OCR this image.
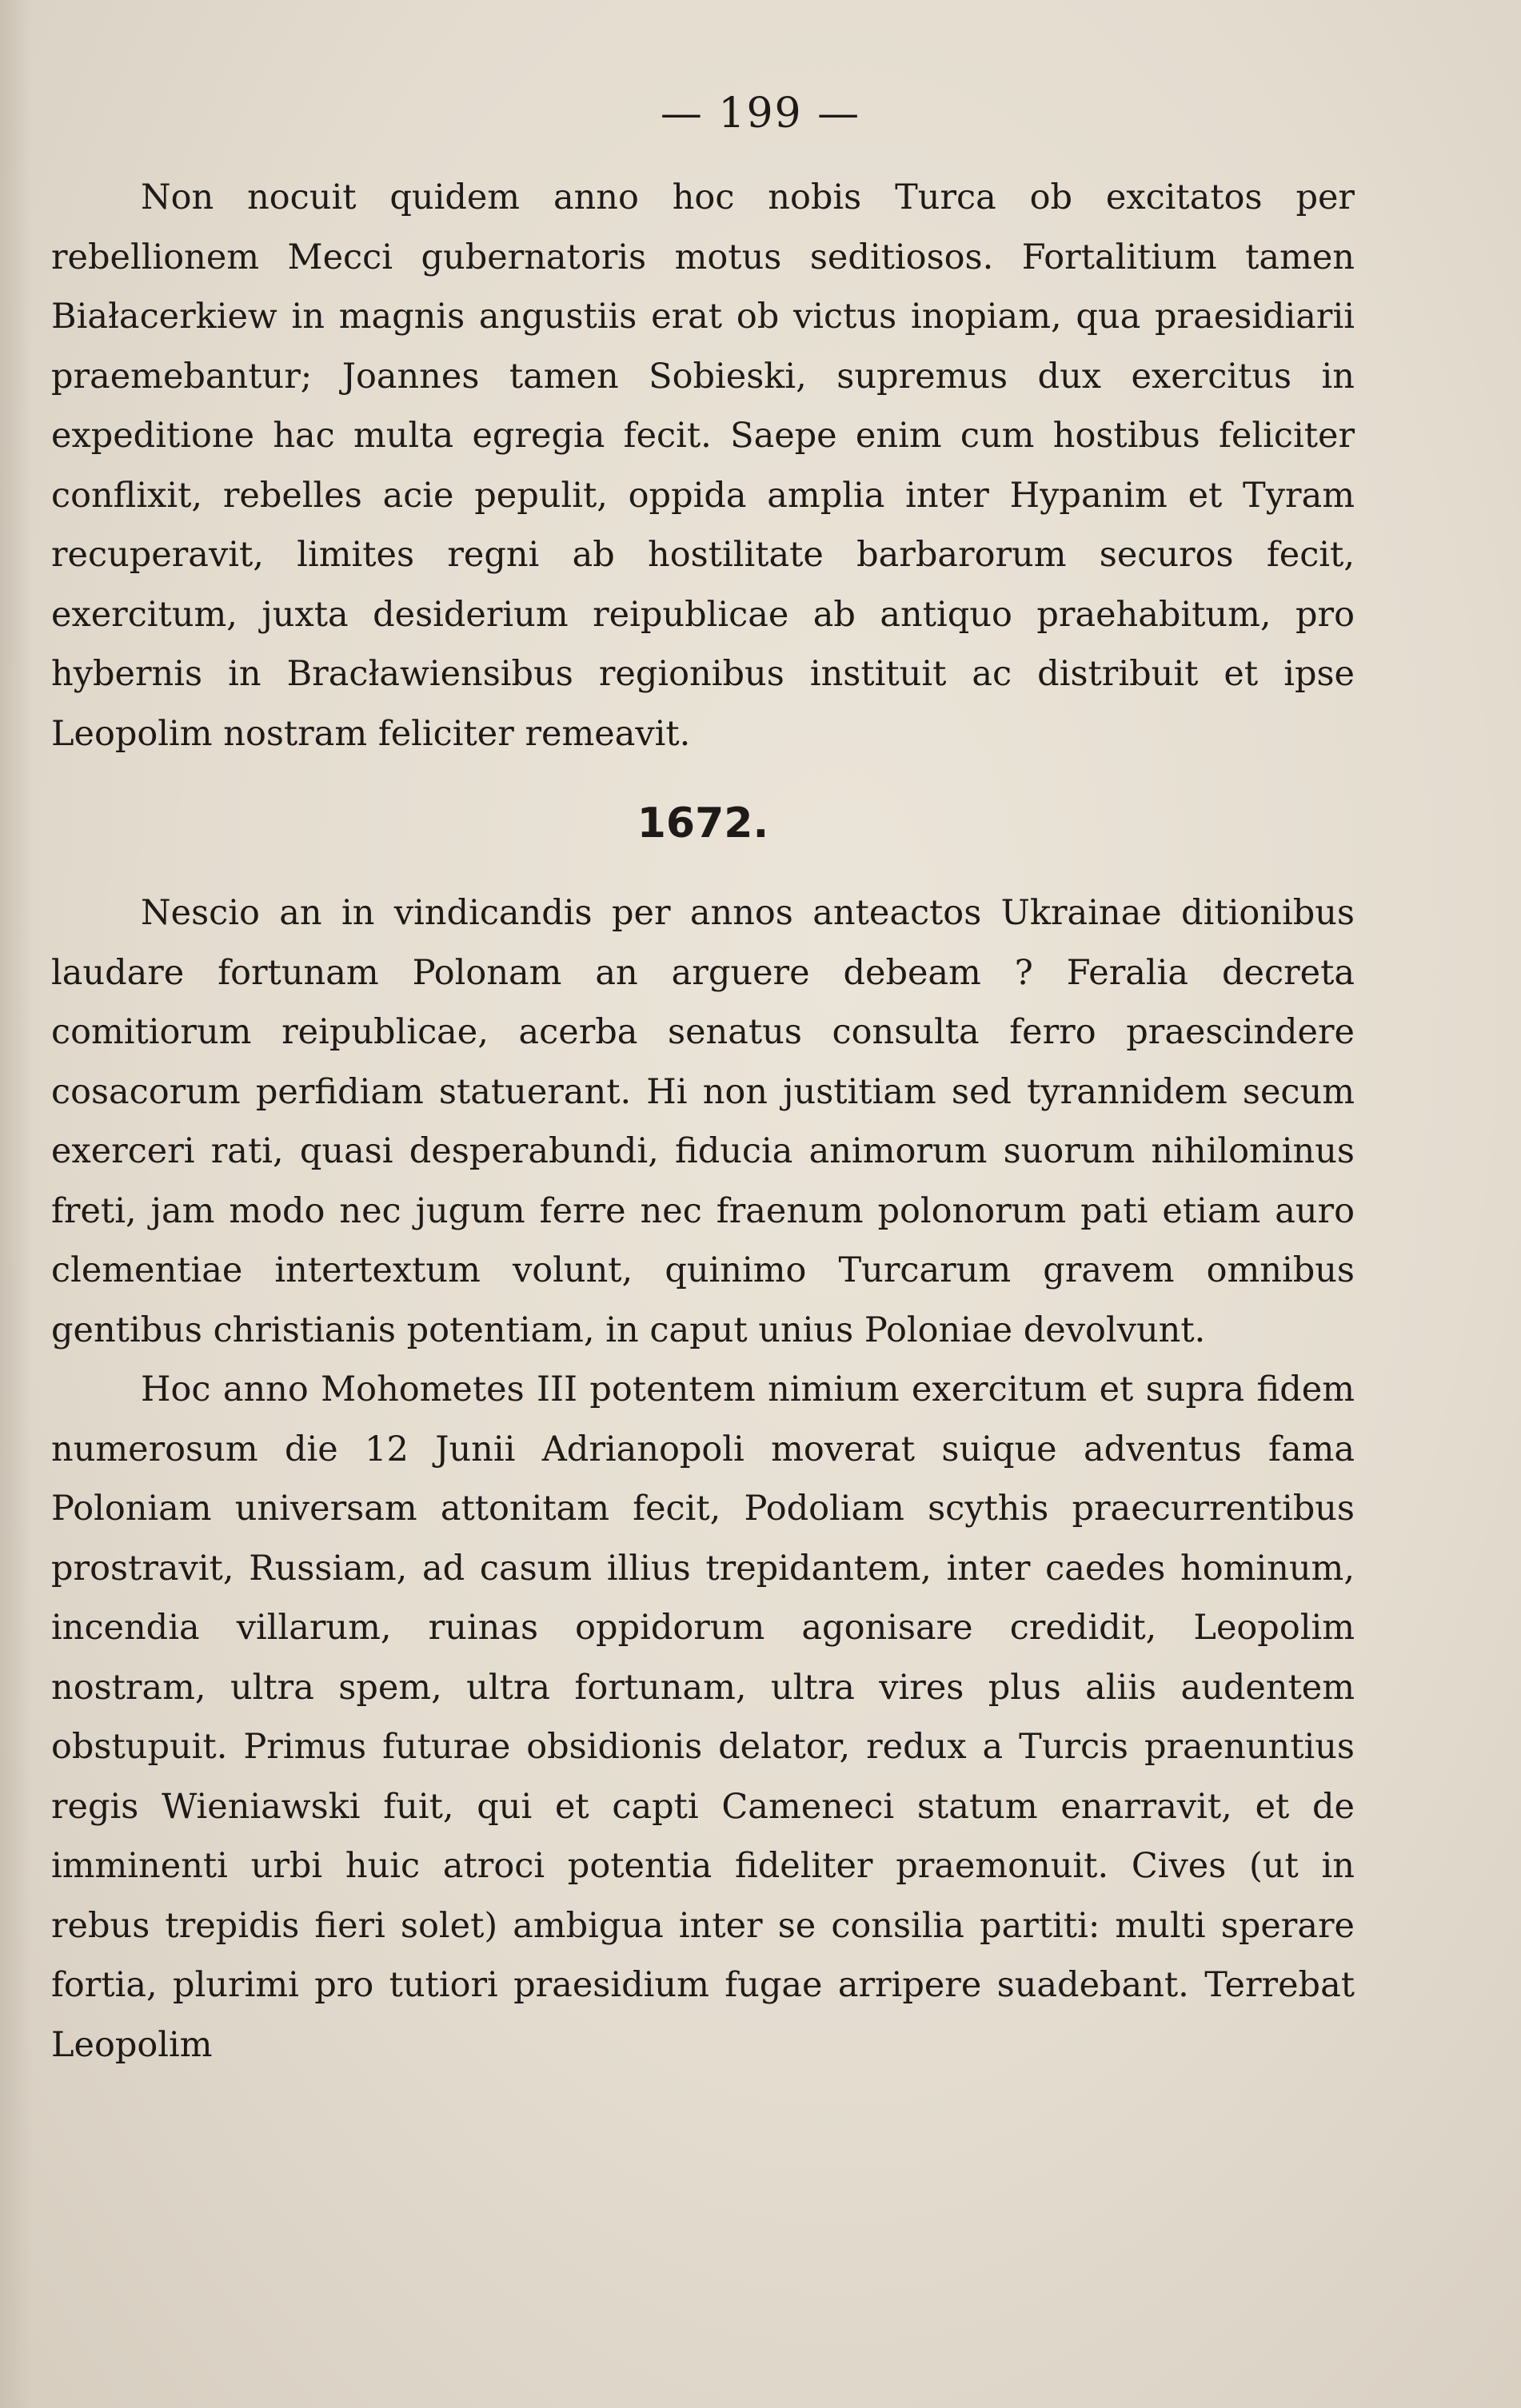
— 199 —

Non nocuit quidem anno hoc nobis Turca ob excitatos per rebellionem Mecci gubernatoris motus seditiosos. Fortalitium tamen Białacerkiew in magnis angustiis erat ob victus inopiam, qua praesidiarii praemebantur; Joannes tamen Sobieski, supremus dux exercitus in expeditione hac multa egregia fecit. Saepe enim cum hostibus feliciter conflixit, rebelles acie pepulit, oppida amplia inter Hypanim et Tyram recuperavit, limites regni ab hostilitate barbarorum securos fecit, exercitum, juxta desiderium reipublicae ab antiquo praehabitum, pro hybernis in Bracławiensibus regionibus instituit ac distribuit et ipse Leopolim nostram feliciter remeavit.

1672.

Nescio an in vindicandis per annos anteactos Ukrainae ditionibus laudare fortunam Polonam an arguere debeam ? Feralia decreta comitiorum reipublicae, acerba senatus consulta ferro praescindere cosacorum perfidiam statuerant. Hi non justitiam sed tyrannidem secum exerceri rati, quasi desperabundi, fiducia animorum suorum nihilominus freti, jam modo nec jugum ferre nec fraenum polonorum pati etiam auro clementiae intertextum volunt, quinimo Turcarum gravem omnibus gentibus christianis potentiam, in caput unius Poloniae devolvunt.

Hoc anno Mohometes III potentem nimium exercitum et supra fidem numerosum die 12 Junii Adrianopoli moverat suique adventus fama Poloniam universam attonitam fecit, Podoliam scythis praecurrentibus prostravit, Russiam, ad casum illius trepidantem, inter caedes hominum, incendia villarum, ruinas oppidorum agonisare credidit, Leopolim nostram, ultra spem, ultra fortunam, ultra vires plus aliis audentem obstupuit. Primus futurae obsidionis delator, redux a Turcis praenuntius regis Wieniawski fuit, qui et capti Cameneci statum enarravit, et de imminenti urbi huic atroci potentia fideliter praemonuit. Cives (ut in rebus trepidis fieri solet) ambigua inter se consilia partiti: multi sperare fortia, plurimi pro tutiori praesidium fugae arripere suadebant. Terrebat Leopolim
